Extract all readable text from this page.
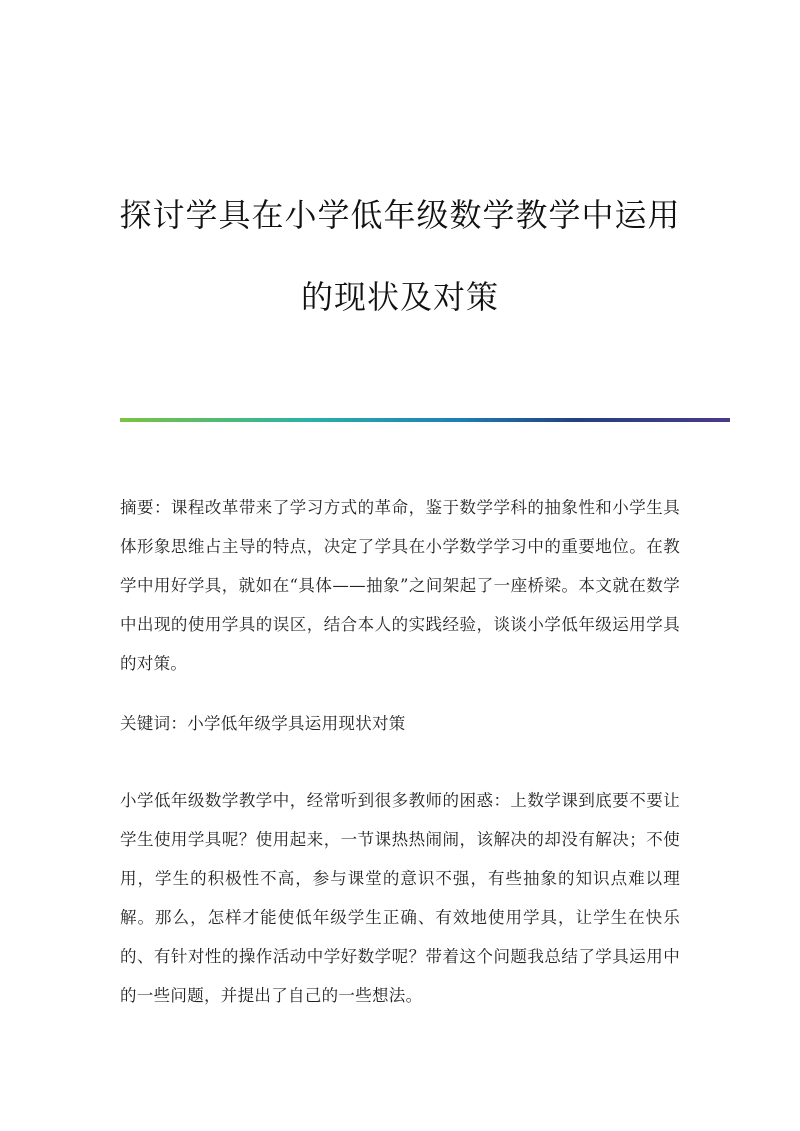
探讨学具在小学低年级数学教学中运用
的现状及对策

摘要：课程改革带来了学习方式的革命，鉴于数学学科的抽象性和小学生具体形象思维占主导的特点，决定了学具在小学数学学习中的重要地位。在教学中用好学具，就如在“具体——抽象”之间架起了一座桥梁。本文就在数学中出现的使用学具的误区，结合本人的实践经验，谈谈小学低年级运用学具的对策。

关键词：小学低年级学具运用现状对策

小学低年级数学教学中，经常听到很多教师的困惑：上数学课到底要不要让学生使用学具呢？使用起来，一节课热热闹闹，该解决的却没有解决；不使用，学生的积极性不高，参与课堂的意识不强，有些抽象的知识点难以理解。那么，怎样才能使低年级学生正确、有效地使用学具，让学生在快乐的、有针对性的操作活动中学好数学呢？带着这个问题我总结了学具运用中的一些问题，并提出了自己的一些想法。
